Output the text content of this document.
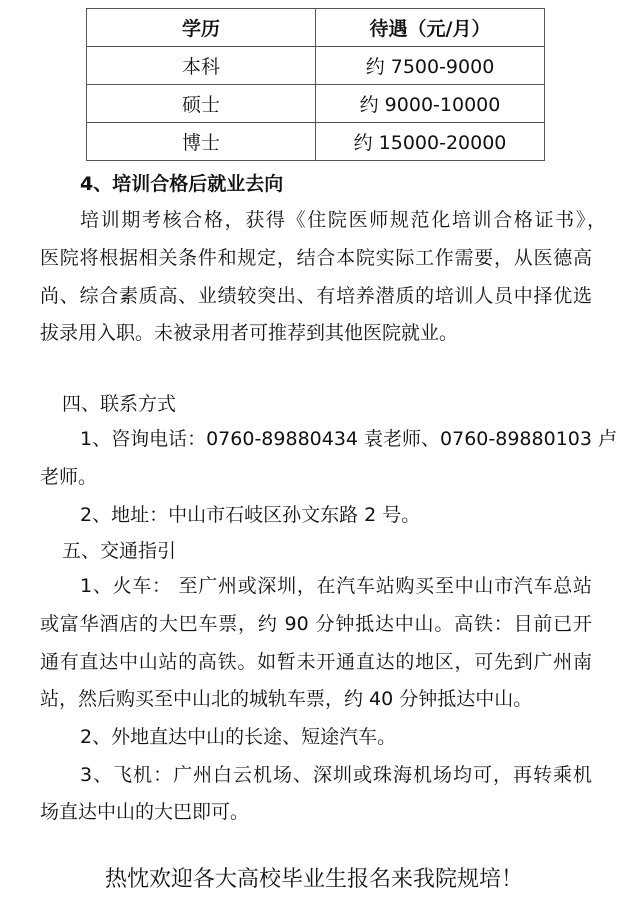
学历	待遇（元/月）
本科	约 7500-9000
硕士	约 9000-10000
博士	约 15000-20000
4、培训合格后就业去向
培训期考核合格，获得《住院医师规范化培训合格证书》，
医院将根据相关条件和规定，结合本院实际工作需要，从医德高
尚、综合素质高、业绩较突出、有培养潜质的培训人员中择优选
拔录用入职。未被录用者可推荐到其他医院就业。
四、联系方式
1、咨询电话：0760-89880434 袁老师、0760-89880103 卢
老师。
2、地址：中山市石岐区孙文东路 2 号。
五、交通指引
1、火车： 至广州或深圳，在汽车站购买至中山市汽车总站
或富华酒店的大巴车票，约 90 分钟抵达中山。高铁：目前已开
通有直达中山站的高铁。如暂未开通直达的地区，可先到广州南
站，然后购买至中山北的城轨车票，约 40 分钟抵达中山。
2、外地直达中山的长途、短途汽车。
3、飞机：广州白云机场、深圳或珠海机场均可，再转乘机
场直达中山的大巴即可。
热忱欢迎各大高校毕业生报名来我院规培！
